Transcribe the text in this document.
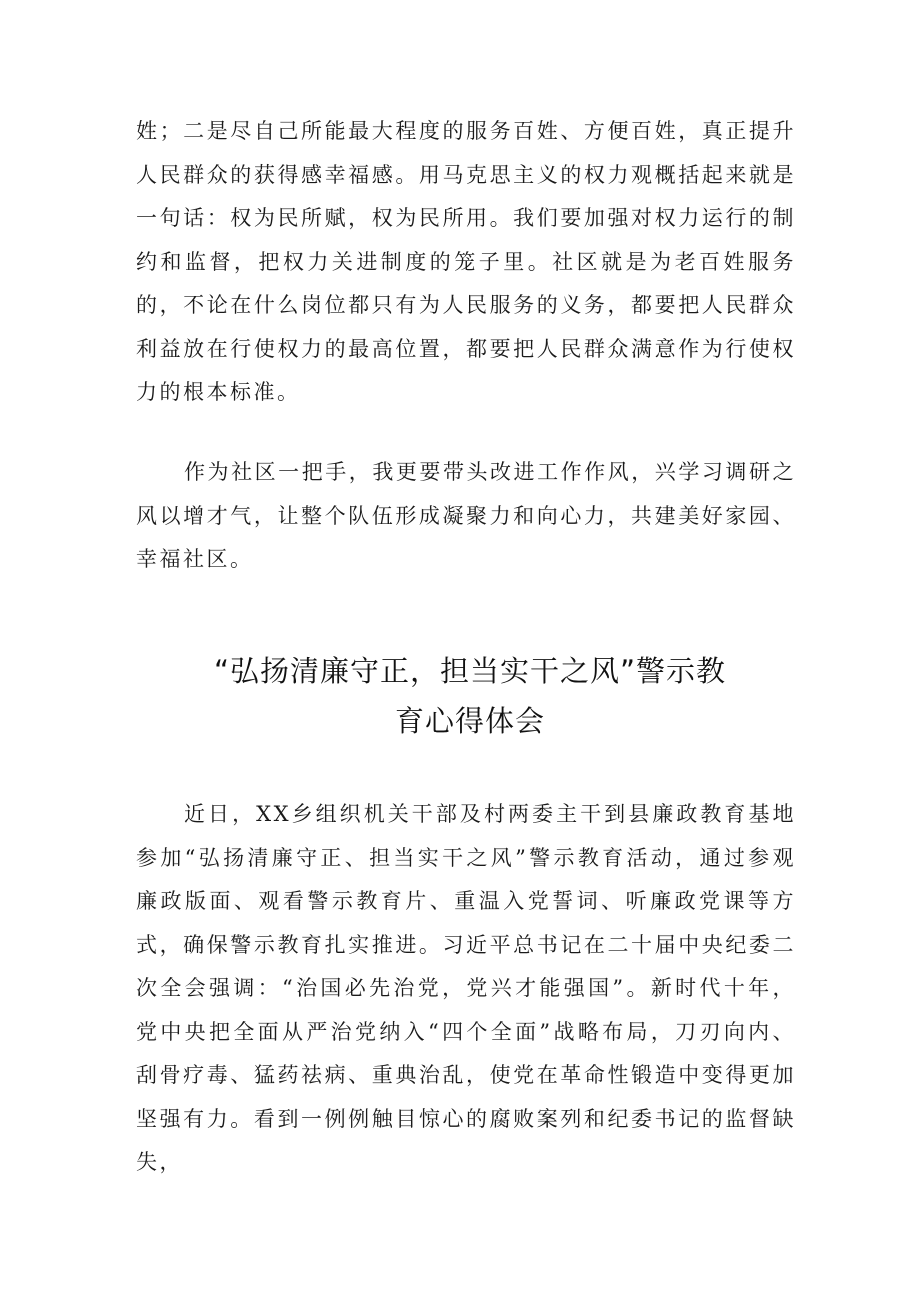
姓；二是尽自己所能最大程度的服务百姓、方便百姓，真正提升人民群众的获得感幸福感。用马克思主义的权力观概括起来就是一句话：权为民所赋，权为民所用。我们要加强对权力运行的制约和监督，把权力关进制度的笼子里。社区就是为老百姓服务的，不论在什么岗位都只有为人民服务的义务，都要把人民群众利益放在行使权力的最高位置，都要把人民群众满意作为行使权力的根本标准。

作为社区一把手，我更要带头改进工作作风，兴学习调研之风以增才气，让整个队伍形成凝聚力和向心力，共建美好家园、幸福社区。

“弘扬清廉守正，担当实干之风”警示教
育心得体会

近日，XX乡组织机关干部及村两委主干到县廉政教育基地参加“弘扬清廉守正、担当实干之风”警示教育活动，通过参观廉政版面、观看警示教育片、重温入党誓词、听廉政党课等方式，确保警示教育扎实推进。习近平总书记在二十届中央纪委二次全会强调：“治国必先治党，党兴才能强国”。新时代十年，党中央把全面从严治党纳入“四个全面”战略布局，刀刃向内、刮骨疗毒、猛药祛病、重典治乱，使党在革命性锻造中变得更加坚强有力。看到一例例触目惊心的腐败案列和纪委书记的监督缺失，
